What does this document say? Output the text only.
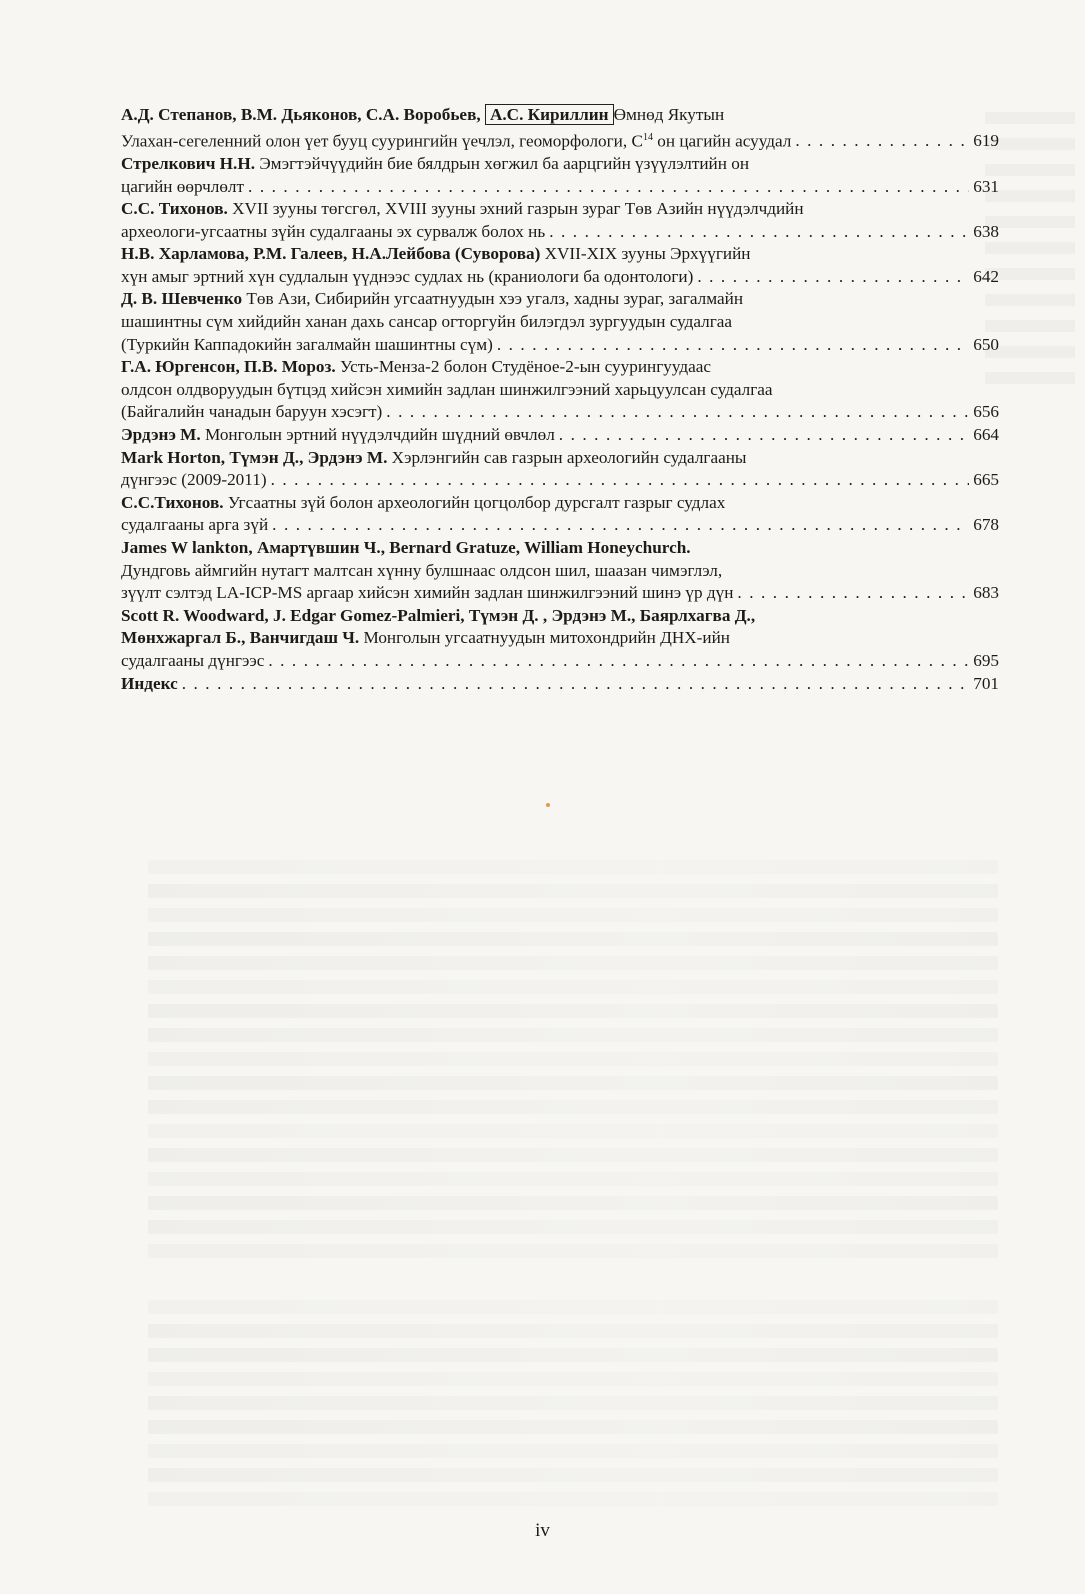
А.Д. Степанов, В.М. Дьяконов, С.А. Воробьев, А.С. Кириллин Өмнөд Якутын
Улахан-сегеленний олон үет бууц суурингийн үечлэл, геоморфологи, $С^{14}$ он цагийн асуудал . . .	619
Стрелкович Н.Н. Эмэгтэйчүүдийн бие бялдрын хөгжил ба аарцгийн үзүүлэлтийн он
цагийн өөрчлөлт . . .	631
С.С. Тихонов. XVII зууны төгсгөл, XVIII зууны эхний газрын зураг Төв Азийн нүүдэлчдийн
археологи-угсаатны зүйн судалгааны эх сурвалж болох нь . . .	638
Н.В. Харламова, Р.М. Галеев, Н.А.Лейбова (Суворова) XVII-XIX зууны Эрхүүгийн
хүн амыг эртний хүн судлалын үүднээс судлах нь (краниологи ба одонтологи) . . .	642
Д. В. Шевченко Төв Ази, Сибирийн угсаатнуудын хээ угалз, хадны зураг, загалмайн
шашинтны сүм хийдийн ханан дахь сансар огторгуйн билэгдэл зургуудын судалгаа
(Туркийн Каппадокийн загалмайн шашинтны сүм) . . .	650
Г.А. Юргенсон, П.В. Мороз. Усть-Менза-2 болон Студёное-2-ын суурингуудаас
олдсон олдворуудын бүтцэд хийсэн химийн задлан шинжилгээний харьцуулсан судалгаа
(Байгалийн чанадын баруун хэсэгт) . . .	656
Эрдэнэ М. Монголын эртний нүүдэлчдийн шүдний өвчлөл . . .	664
Mark Horton, Түмэн Д., Эрдэнэ М. Хэрлэнгийн сав газрын археологийн судалгааны
дүнгээс (2009-2011) . . .	665
С.С.Тихонов. Угсаатны зүй болон археологийн цогцолбор дурсгалт газрыг судлах
судалгааны арга зүй . . .	678
James W lankton, Амартүвшин Ч., Bernard Gratuze, William Honeychurch.
Дундговь аймгийн нутагт малтсан хүнну булшнаас олдсон шил, шаазан чимэглэл,
зүүлт сэлтэд LA-ICP-MS аргаар хийсэн химийн задлан шинжилгээний шинэ үр дүн . . .	683
Scott R. Woodward, J. Edgar Gomez-Palmieri, Түмэн Д. , Эрдэнэ М., Баярлхагва Д.,
Мөнхжаргал Б., Ванчигдаш Ч. Монголын угсаатнуудын митохондрийн ДНХ-ийн
судалгааны дүнгээс . . .	695
Индекс . . .	701
iv
